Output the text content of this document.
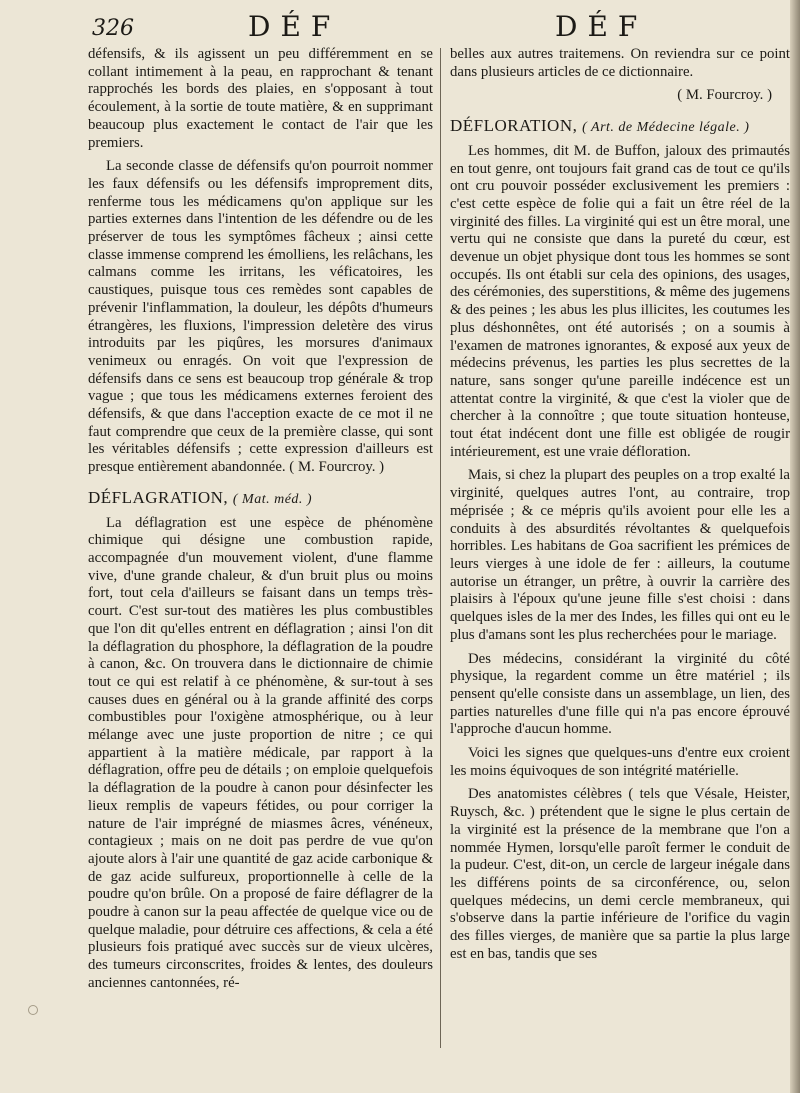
326	DÉF	DÉF

défensifs, & ils agissent un peu différemment en se collant intimement à la peau, en rapprochant & tenant rapprochés les bords des plaies, en s'opposant à tout écoulement, à la sortie de toute matière, & en supprimant beaucoup plus exactement le contact de l'air que les premiers.

La seconde classe de défensifs qu'on pourroit nommer les faux défensifs ou les défensifs improprement dits, renferme tous les médicamens qu'on applique sur les parties externes dans l'intention de les défendre ou de les préserver de tous les symptômes fâcheux ; ainsi cette classe immense comprend les émolliens, les relâchans, les calmans comme les irritans, les véficatoires, les caustiques, puisque tous ces remèdes sont capables de prévenir l'inflammation, la douleur, les dépôts d'humeurs étrangères, les fluxions, l'impression deletère des virus introduits par les piqûres, les morsures d'animaux venimeux ou enragés. On voit que l'expression de défensifs dans ce sens est beaucoup trop générale & trop vague ; que tous les médicamens externes feroient des défensifs, & que dans l'acception exacte de ce mot il ne faut comprendre que ceux de la première classe, qui sont les véritables défensifs ; cette expression d'ailleurs est presque entièrement abandonnée. ( M. Fourcroy. )

DÉFLAGRATION, ( Mat. méd. )

La déflagration est une espèce de phénomène chimique qui désigne une combustion rapide, accompagnée d'un mouvement violent, d'une flamme vive, d'une grande chaleur, & d'un bruit plus ou moins fort, tout cela d'ailleurs se faisant dans un temps très-court. C'est sur-tout des matières les plus combustibles que l'on dit qu'elles entrent en déflagration ; ainsi l'on dit la déflagration du phosphore, la déflagration de la poudre à canon, &c. On trouvera dans le dictionnaire de chimie tout ce qui est relatif à ce phénomène, & sur-tout à ses causes dues en général ou à la grande affinité des corps combustibles pour l'oxigène atmosphérique, ou à leur mélange avec une juste proportion de nitre ; ce qui appartient à la matière médicale, par rapport à la déflagration, offre peu de détails ; on emploie quelquefois la déflagration de la poudre à canon pour désinfecter les lieux remplis de vapeurs fétides, ou pour corriger la nature de l'air imprégné de miasmes âcres, vénéneux, contagieux ; mais on ne doit pas perdre de vue qu'on ajoute alors à l'air une quantité de gaz acide carbonique & de gaz acide sulfureux, proportionnelle à celle de la poudre qu'on brûle. On a proposé de faire déflagrer de la poudre à canon sur la peau affectée de quelque vice ou de quelque maladie, pour détruire ces affections, & cela a été plusieurs fois pratiqué avec succès sur de vieux ulcères, des tumeurs circonscrites, froides & lentes, des douleurs anciennes cantonnées, ré-

belles aux autres traitemens. On reviendra sur ce point dans plusieurs articles de ce dictionnaire.

( M. Fourcroy. )

DÉFLORATION, ( Art. de Médecine légale. )

Les hommes, dit M. de Buffon, jaloux des primautés en tout genre, ont toujours fait grand cas de tout ce qu'ils ont cru pouvoir posséder exclusivement les premiers : c'est cette espèce de folie qui a fait un être réel de la virginité des filles. La virginité qui est un être moral, une vertu qui ne consiste que dans la pureté du cœur, est devenue un objet physique dont tous les hommes se sont occupés. Ils ont établi sur cela des opinions, des usages, des cérémonies, des superstitions, & même des jugemens & des peines ; les abus les plus illicites, les coutumes les plus déshonnêtes, ont été autorisés ; on a soumis à l'examen de matrones ignorantes, & exposé aux yeux de médecins prévenus, les parties les plus secrettes de la nature, sans songer qu'une pareille indécence est un attentat contre la virginité, & que c'est la violer que de chercher à la connoître ; que toute situation honteuse, tout état indécent dont une fille est obligée de rougir intérieurement, est une vraie défloration.

Mais, si chez la plupart des peuples on a trop exalté la virginité, quelques autres l'ont, au contraire, trop méprisée ; & ce mépris qu'ils avoient pour elle les a conduits à des absurdités révoltantes & quelquefois horribles. Les habitans de Goa sacrifient les prémices de leurs vierges à une idole de fer : ailleurs, la coutume autorise un étranger, un prêtre, à ouvrir la carrière des plaisirs à l'époux qu'une jeune fille s'est choisi : dans quelques isles de la mer des Indes, les filles qui ont eu le plus d'amans sont les plus recherchées pour le mariage.

Des médecins, considérant la virginité du côté physique, la regardent comme un être matériel ; ils pensent qu'elle consiste dans un assemblage, un lien, des parties naturelles d'une fille qui n'a pas encore éprouvé l'approche d'aucun homme.

Voici les signes que quelques-uns d'entre eux croient les moins équivoques de son intégrité matérielle.

Des anatomistes célèbres ( tels que Vésale, Heister, Ruysch, &c. ) prétendent que le signe le plus certain de la virginité est la présence de la membrane que l'on a nommée Hymen, lorsqu'elle paroît fermer le conduit de la pudeur. C'est, dit-on, un cercle de largeur inégale dans les différens points de sa circonférence, ou, selon quelques médecins, un demi cercle membraneux, qui s'observe dans la partie inférieure de l'orifice du vagin des filles vierges, de manière que sa partie la plus large est en bas, tandis que ses
